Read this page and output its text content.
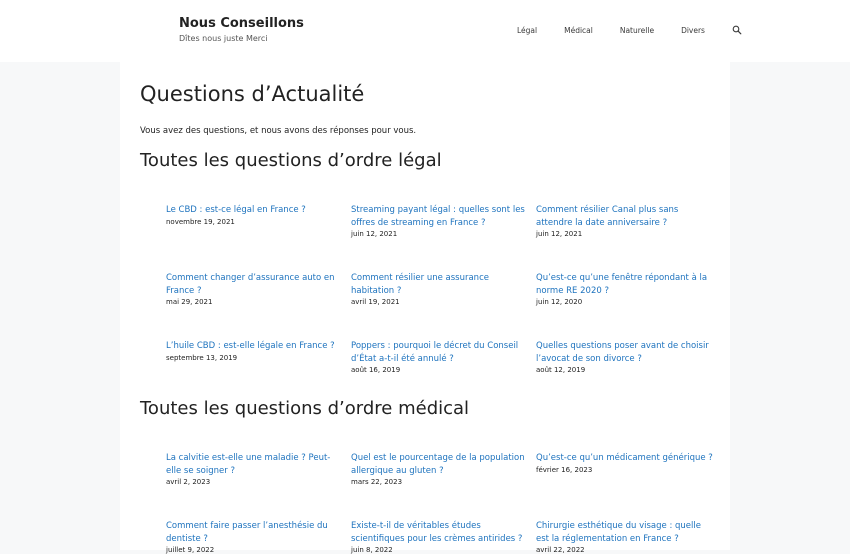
Nous Conseillons
Dîtes nous juste Merci
Légal	Médical	Naturelle	Divers
Questions d’Actualité

Vous avez des questions, et nous avons des réponses pour vous.

Toutes les questions d’ordre légal
Le CBD : est-ce légal en France ?
novembre 19, 2021
Streaming payant légal : quelles sont les offres de streaming en France ?
juin 12, 2021
Comment résilier Canal plus sans attendre la date anniversaire ?
juin 12, 2021
Comment changer d’assurance auto en France ?
mai 29, 2021
Comment résilier une assurance habitation ?
avril 19, 2021
Qu’est-ce qu’une fenêtre répondant à la norme RE 2020 ?
juin 12, 2020
L’huile CBD : est-elle légale en France ?
septembre 13, 2019
Poppers : pourquoi le décret du Conseil d’État a-t-il été annulé ?
août 16, 2019
Quelles questions poser avant de choisir l’avocat de son divorce ?
août 12, 2019
Toutes les questions d’ordre médical
La calvitie est-elle une maladie ? Peut-elle se soigner ?
avril 2, 2023
Quel est le pourcentage de la population allergique au gluten ?
mars 22, 2023
Qu’est-ce qu’un médicament générique ?
février 16, 2023
Comment faire passer l’anesthésie du dentiste ?
juillet 9, 2022
Existe-t-il de véritables études scientifiques pour les crèmes antirides ?
juin 8, 2022
Chirurgie esthétique du visage : quelle est la réglementation en France ?
avril 22, 2022
